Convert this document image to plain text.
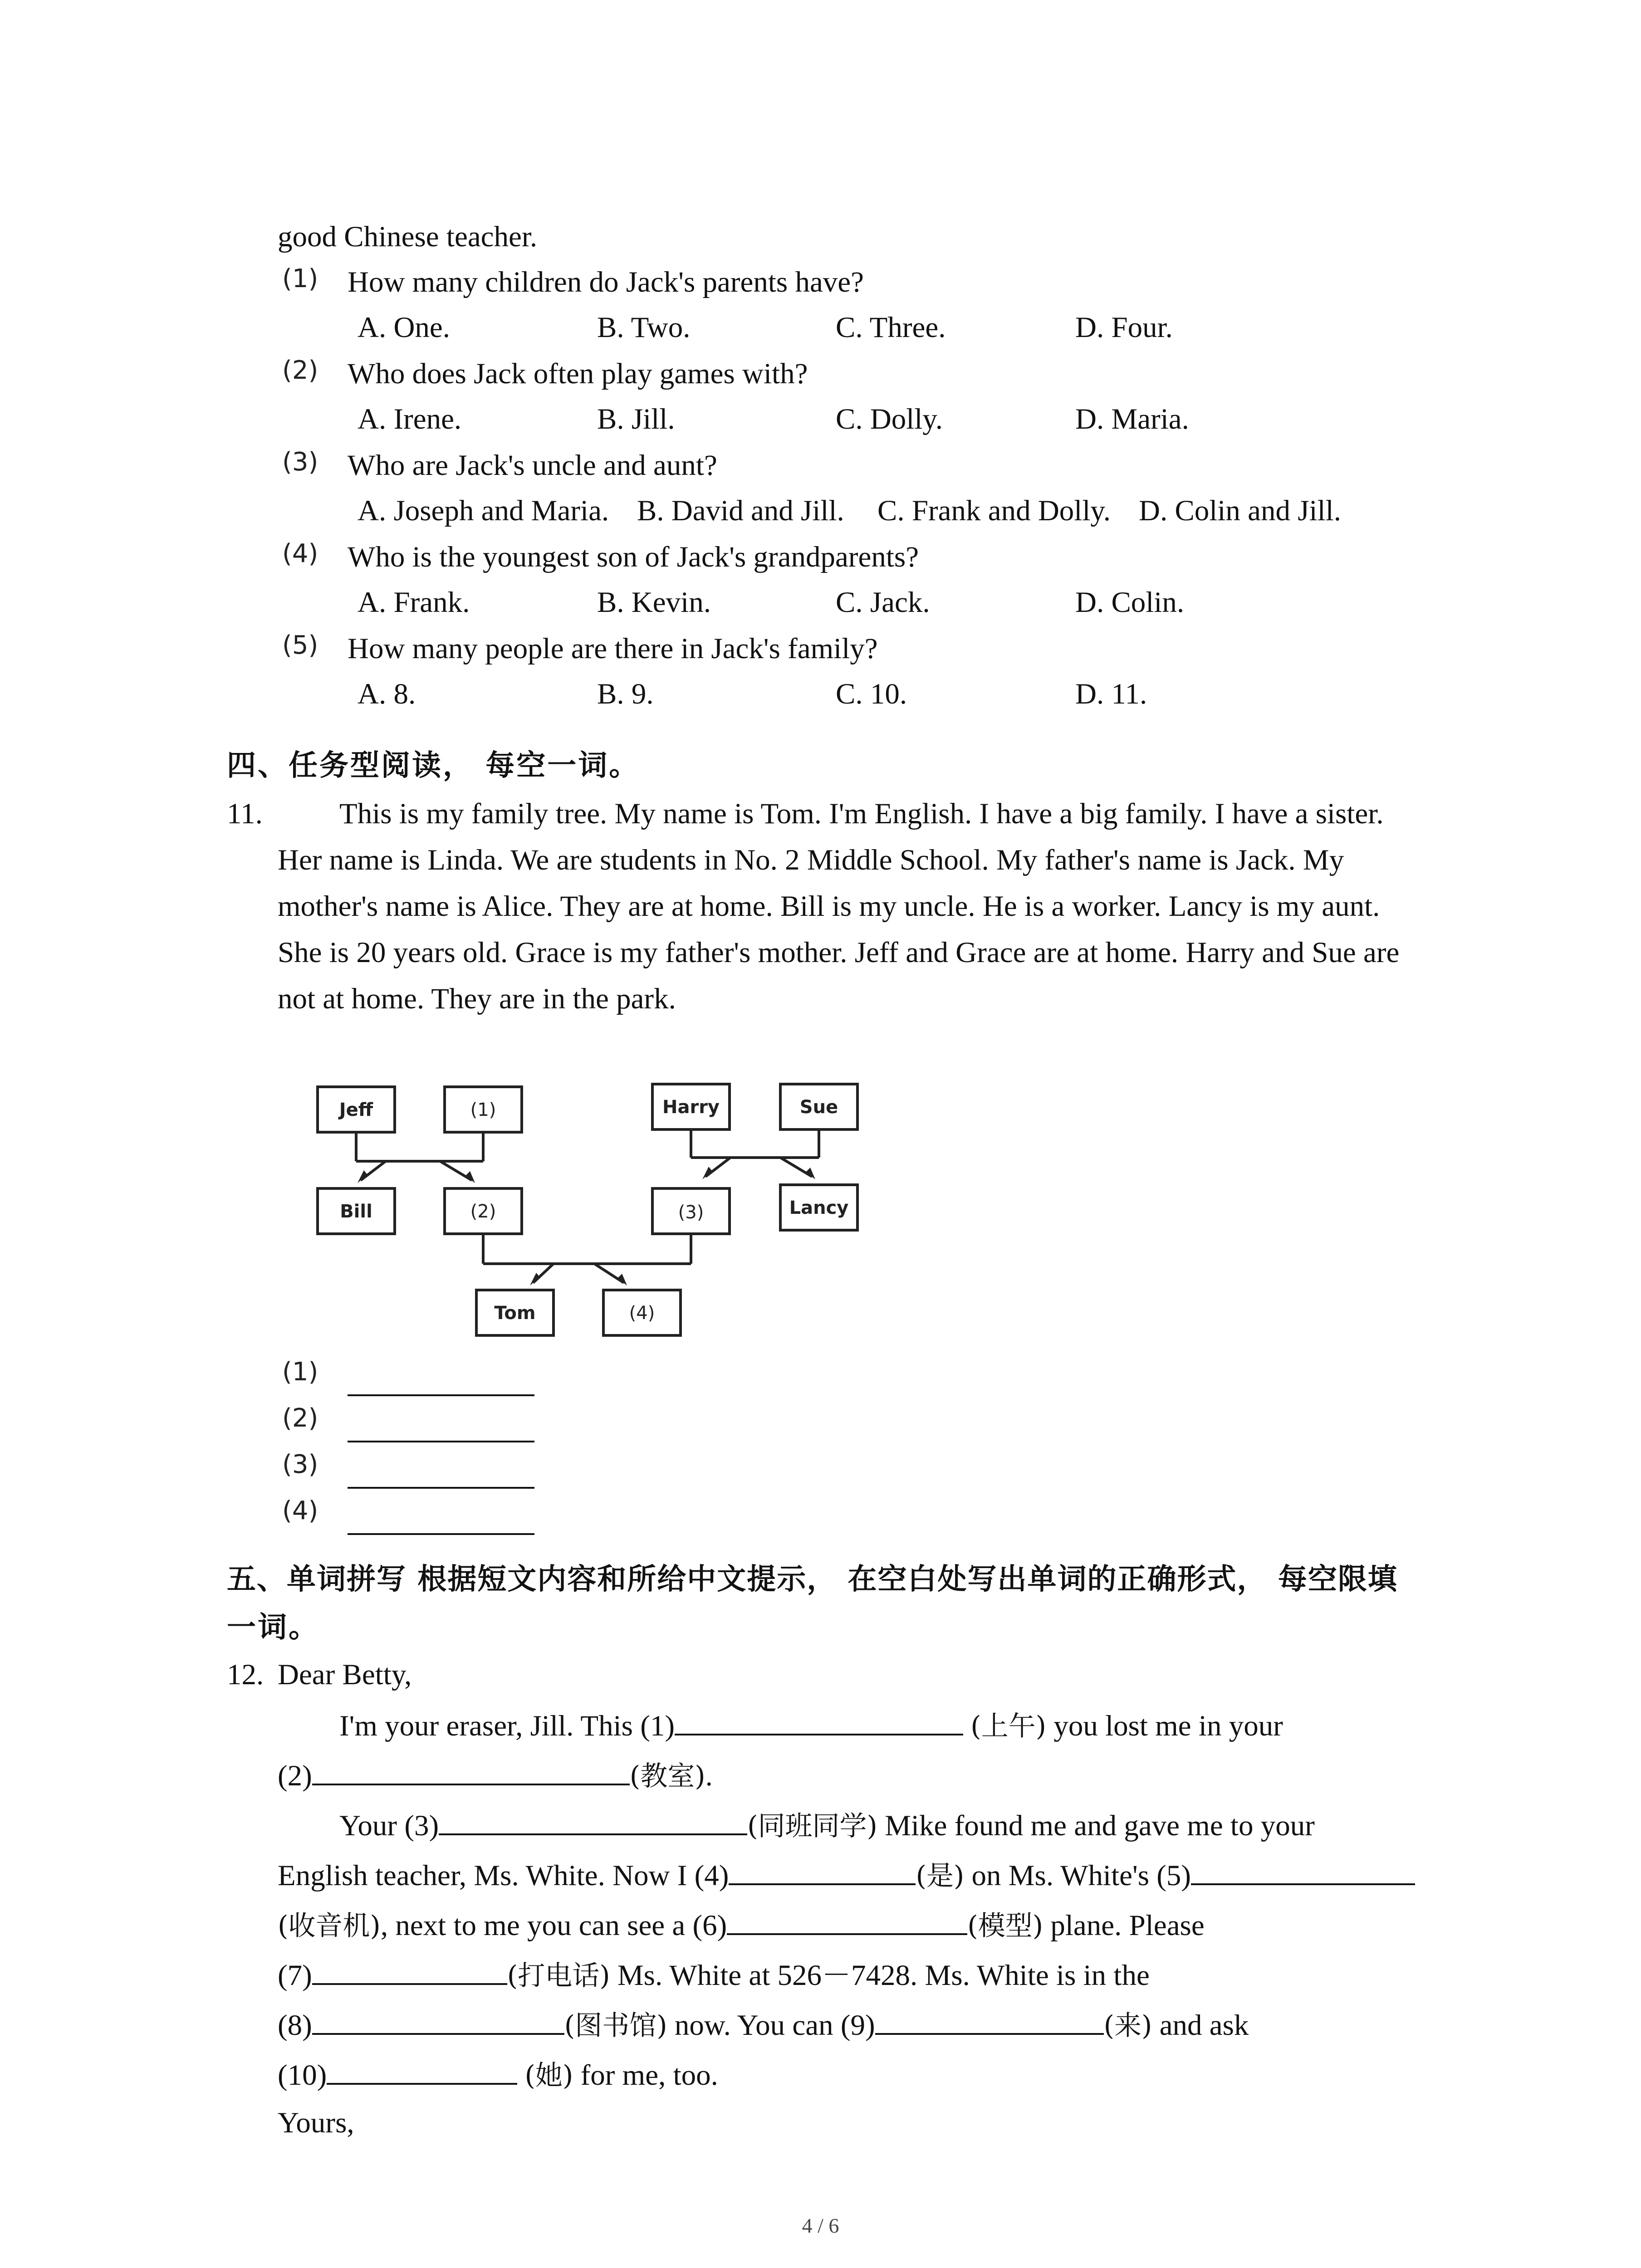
good Chinese teacher.
(1) How many children do Jack's parents have?
A. One.	B. Two.	C. Three.	D. Four.
(2) Who does Jack often play games with?
A. Irene.	B. Jill.	C. Dolly.	D. Maria.
(3) Who are Jack's uncle and aunt?
A. Joseph and Maria. B. David and Jill. C. Frank and Dolly. D. Colin and Jill.
(4) Who is the youngest son of Jack's grandparents?
A. Frank.	B. Kevin.	C. Jack.	D. Colin.
(5) How many people are there in Jack's family?
A. 8.	B. 9.	C. 10.	D. 11.
四、任务型阅读， 每空一词。
11.	This is my family tree. My name is Tom. I'm English. I have a big family. I have a sister.
Her name is Linda. We are students in No. 2 Middle School. My father's name is Jack. My
mother's name is Alice. They are at home. Bill is my uncle. He is a worker. Lancy is my aunt.
She is 20 years old. Grace is my father's mother. Jeff and Grace are at home. Harry and Sue are
not at home. They are in the park.
Jeff	(1)	Harry	Sue
Bill	(2)	(3)	Lancy
Tom	(4)
(1)
(2)
(3)
(4)
五、单词拼写 根据短文内容和所给中文提示， 在空白处写出单词的正确形式， 每空限填
一词。
12. Dear Betty,
I'm your eraser, Jill. This (1)	(上午) you lost me in your
(2)	(教室).
Your (3)	(同班同学) Mike found me and gave me to your
English teacher, Ms. White. Now I (4)	(是) on Ms. White's (5)
(收音机), next to me you can see a (6)	(模型) plane. Please
(7)	(打电话) Ms. White at 526－7428. Ms. White is in the
(8)	(图书馆) now. You can (9)	(来) and ask
(10)	(她) for me, too.
Yours,
4 / 6
